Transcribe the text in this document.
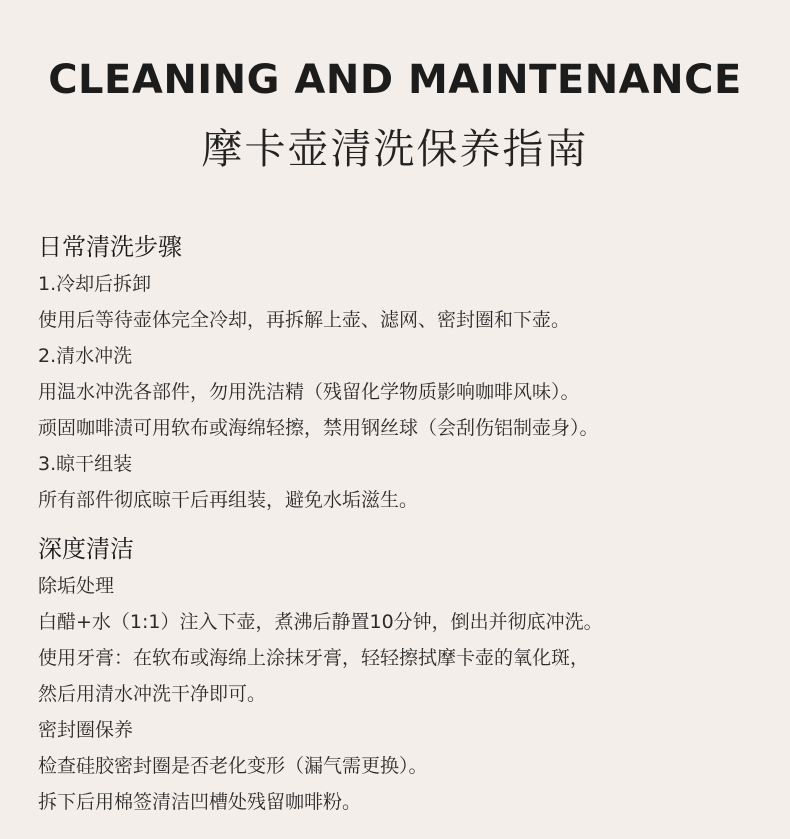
CLEANING AND MAINTENANCE
摩卡壶清洗保养指南
日常清洗步骤
1.冷却后拆卸
使用后等待壶体完全冷却，再拆解上壶、滤网、密封圈和下壶。
2.清水冲洗
用温水冲洗各部件，勿用洗洁精（残留化学物质影响咖啡风味）。
顽固咖啡渍可用软布或海绵轻擦，禁用钢丝球（会刮伤铝制壶身）。
3.晾干组装
所有部件彻底晾干后再组装，避免水垢滋生。
深度清洁
除垢处理
白醋+水（1:1）注入下壶，煮沸后静置10分钟，倒出并彻底冲洗。
使用牙膏：在软布或海绵上涂抹牙膏，轻轻擦拭摩卡壶的氧化斑，
然后用清水冲洗干净即可。
密封圈保养
检查硅胶密封圈是否老化变形（漏气需更换）。
拆下后用棉签清洁凹槽处残留咖啡粉。
